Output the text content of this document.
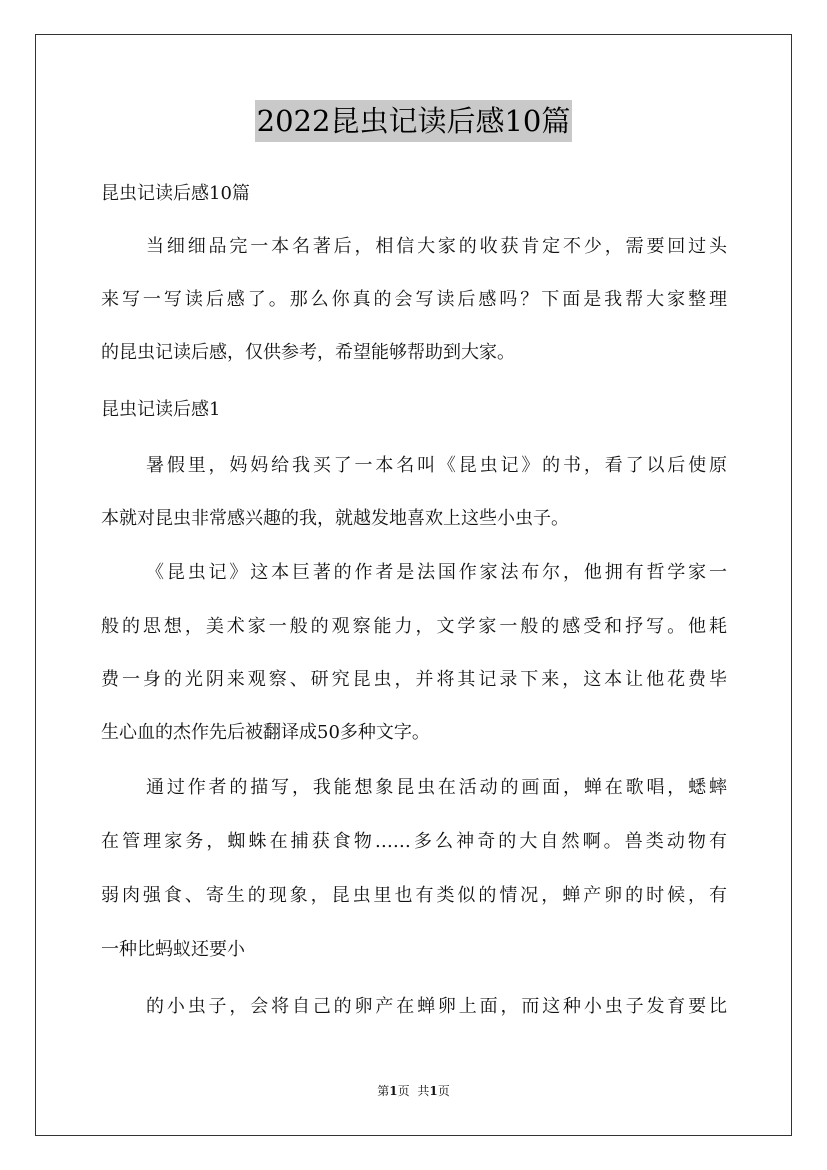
2022昆虫记读后感10篇
昆虫记读后感10篇
当细细品完一本名著后，相信大家的收获肯定不少，需要回过头
来写一写读后感了。那么你真的会写读后感吗？下面是我帮大家整理
的昆虫记读后感，仅供参考，希望能够帮助到大家。
昆虫记读后感1
暑假里，妈妈给我买了一本名叫《昆虫记》的书，看了以后使原
本就对昆虫非常感兴趣的我，就越发地喜欢上这些小虫子。
《昆虫记》这本巨著的作者是法国作家法布尔，他拥有哲学家一
般的思想，美术家一般的观察能力，文学家一般的感受和抒写。他耗
费一身的光阴来观察、研究昆虫，并将其记录下来，这本让他花费毕
生心血的杰作先后被翻译成50多种文字。
通过作者的描写，我能想象昆虫在活动的画面，蝉在歌唱，蟋蟀
在管理家务，蜘蛛在捕获食物……多么神奇的大自然啊。兽类动物有
弱肉强食、寄生的现象，昆虫里也有类似的情况，蝉产卵的时候，有
一种比蚂蚁还要小
的小虫子，会将自己的卵产在蝉卵上面，而这种小虫子发育要比
第1页 共1页
